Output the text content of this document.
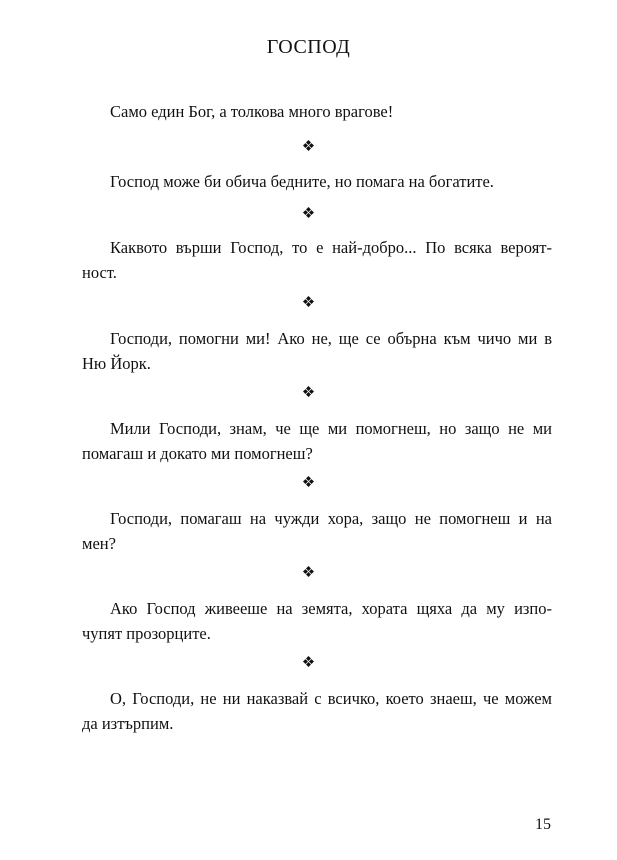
ГОСПОД
Само един Бог, а толкова много врагове!
❖
Господ може би обича бедните, но помага на богатите.
❖
Каквото върши Господ, то е най-добро... По всяка вероят-
ност.
❖
Господи, помогни ми! Ако не, ще се обърна към чичо ми в
Ню Йорк.
❖
Мили Господи, знам, че ще ми помогнеш, но защо не ми
помагаш и докато ми помогнеш?
❖
Господи, помагаш на чужди хора, защо не помогнеш и на
мен?
❖
Ако Господ живееше на земята, хората щяха да му изпо-
чупят прозорците.
❖
О, Господи, не ни наказвай с всичко, което знаеш, че можем
да изтърпим.
15
